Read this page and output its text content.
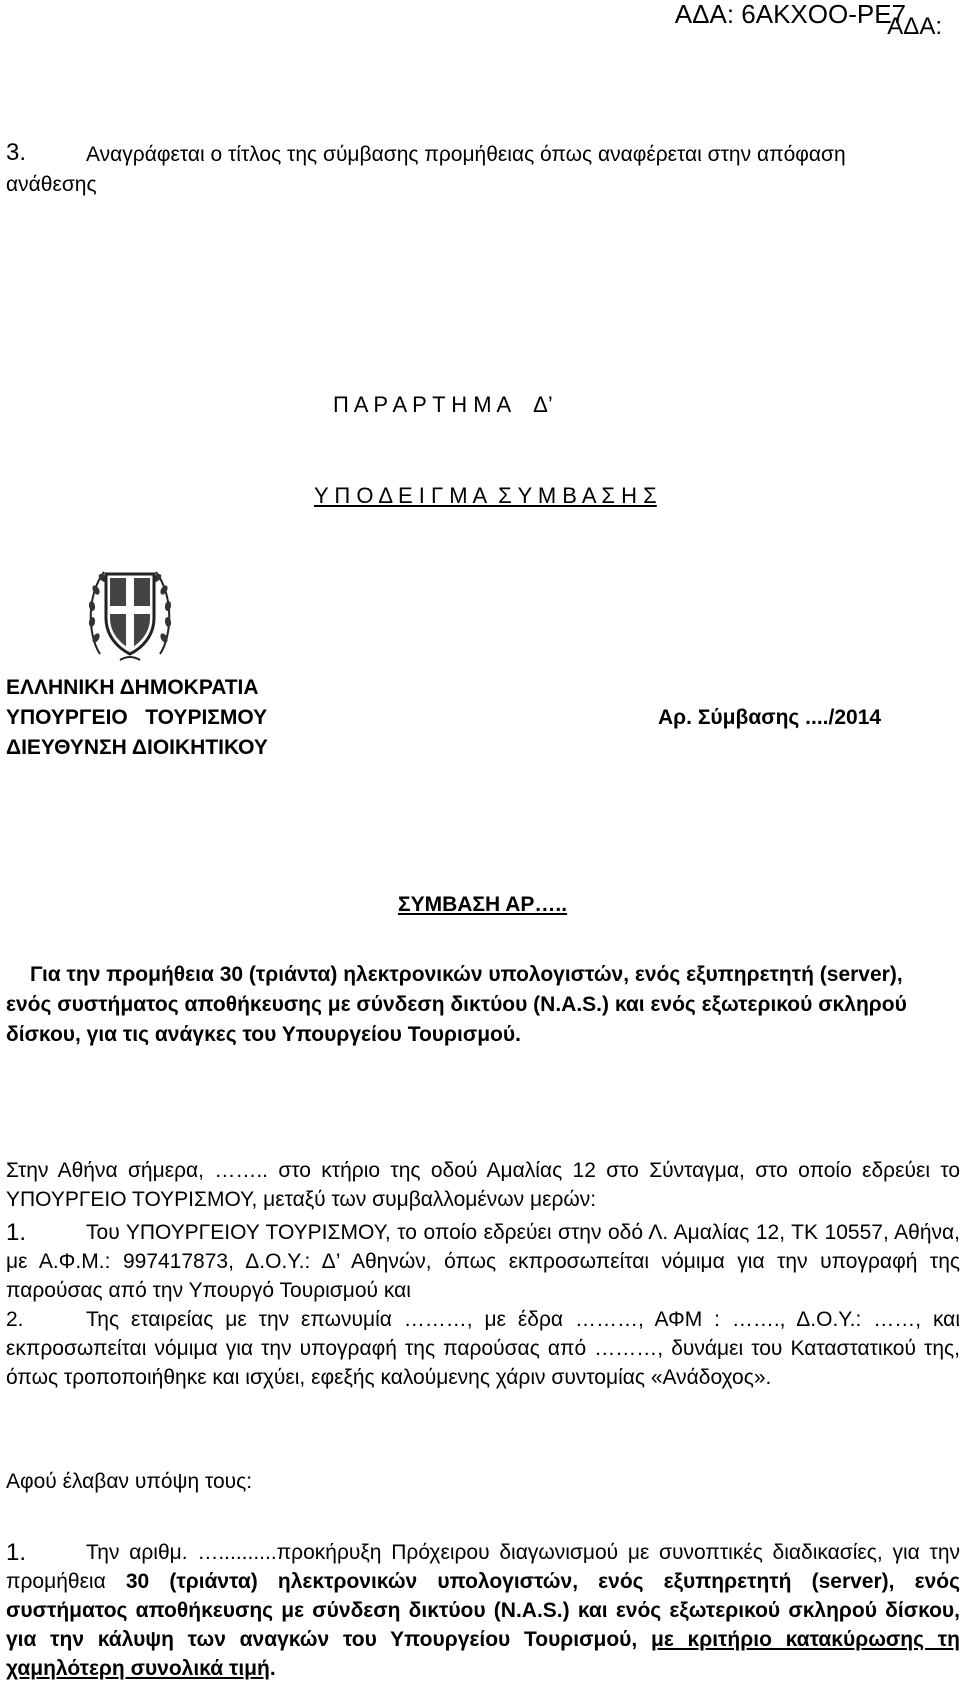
ΑΔΑ: 6ΑΚΧΟΟ-ΡΕ7
ΑΔΑ:
3.	Αναγράφεται ο τίτλος της σύμβασης προμήθειας όπως αναφέρεται στην απόφαση
ανάθεσης
Π Α Ρ Α Ρ Τ Η Μ Α    Δ’
Υ Π Ο Δ Ε Ι Γ Μ Α  Σ Υ Μ Β Α Σ Η Σ
ΕΛΛΗΝΙΚΗ ΔΗΜΟΚΡΑΤΙΑ
ΥΠΟΥΡΓΕΙΟ   ΤΟΥΡΙΣΜΟΥ
ΔΙΕΥΘΥΝΣΗ ΔΙΟΙΚΗΤΙΚΟΥ
Αρ. Σύμβασης ..../2014
ΣΥΜΒΑΣΗ ΑΡ…..
Για την προμήθεια 30 (τριάντα) ηλεκτρονικών υπολογιστών, ενός εξυπηρετητή (server),
ενός συστήματος αποθήκευσης με σύνδεση δικτύου (N.A.S.) και ενός εξωτερικού σκληρού
δίσκου, για τις ανάγκες του Υπουργείου Τουρισμού.
Στην Αθήνα σήμερα, …….. στο κτήριο της οδού Αμαλίας 12 στο Σύνταγμα, στο οποίο εδρεύει το ΥΠΟΥΡΓΕΙΟ ΤΟΥΡΙΣΜΟΥ, μεταξύ των συμβαλλομένων μερών:
1.	Του ΥΠΟΥΡΓΕΙΟΥ ΤΟΥΡΙΣΜΟΥ, το οποίο εδρεύει στην οδό Λ. Αμαλίας 12, ΤΚ 10557, Αθήνα, με Α.Φ.Μ.: 997417873, Δ.Ο.Υ.: Δ’ Αθηνών, όπως εκπροσωπείται νόμιμα για την υπογραφή της παρούσας από την Υπουργό Τουρισμού και
2.	Της εταιρείας με την επωνυμία ………, με έδρα ………, ΑΦΜ : ……., Δ.Ο.Υ.: ……, και εκπροσωπείται νόμιμα για την υπογραφή της παρούσας από ………, δυνάμει του Καταστατικού της, όπως τροποποιήθηκε και ισχύει, εφεξής καλούμενης χάριν συντομίας «Ανάδοχος».
Αφού έλαβαν υπόψη τους:
1.	Την αριθμ. …..........προκήρυξη Πρόχειρου διαγωνισμού με συνοπτικές διαδικασίες, για την προμήθεια 30 (τριάντα) ηλεκτρονικών υπολογιστών, ενός εξυπηρετητή (server), ενός συστήματος αποθήκευσης με σύνδεση δικτύου (N.A.S.) και ενός εξωτερικού σκληρού δίσκου, για την κάλυψη των αναγκών του Υπουργείου Τουρισμού, με κριτήριο κατακύρωσης τη χαμηλότερη συνολικά τιμή.
